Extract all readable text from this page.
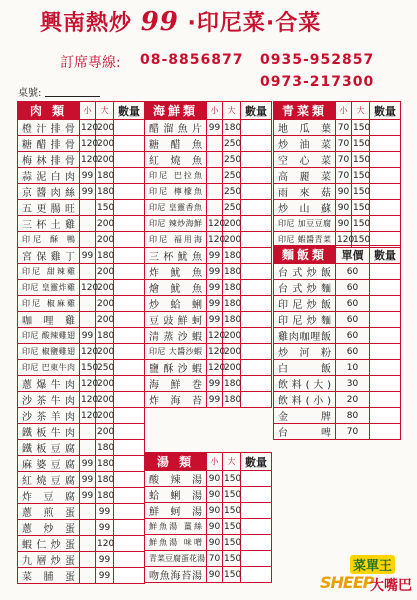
興南熱炒 99 ·印尼菜·合菜
訂席專線: 08-8856877 0935-952857
0973-217300
桌號:
肉 類	小	大	數量
橙汁排骨	120	200	
糖醋排骨	120	200	
梅林排骨	120	200	
蒜泥白肉	99	180	
京醬肉絲	99	180	
五更腸旺		150	
三杯土雞		200	
印尼 酥 鴨		200	
宮保雞丁	99	180	
印尼 甜辣雞		200	
印尼 皇靈炸雞	120	200	
印尼 椒麻雞		200	
咖哩雞		200	
印尼 酸辣雞翅	99	180	
印尼 椒鹽雞翅	120	200	
印尼 巴東牛肉	150	250	
蔥爆牛肉	120	200	
沙茶牛肉	120	200	
沙茶羊肉	120	200	
鐵板牛肉		200	
鐵板豆腐		180	
麻婆豆腐	99	180	
紅燒豆腐	99	180	
炸豆腐	99	180	
蔥煎蛋		99	
蔥炒蛋		99	
蝦仁炒蛋		120	
九層炒蛋		99	
菜脯蛋		99	
海鮮類	小	大	數量
醋溜魚片	99	180	
糖醋魚		250	
紅燒魚		250	
印尼 巴拉魚		250	
印尼 檸檬魚		250	
印尼 皇靈香魚		250	
印尼 辣炒海鮮	120	200	
印尼 福用海	120	200	
三杯魷魚	99	180	
炸魷魚	99	180	
燴魷魚	99	180	
炒蛤蜊	99	180	
豆豉鮮蚵	99	180	
清蒸沙蝦	120	200	
印尼 大醬沙蝦	120	200	
鹽酥沙蝦	120	200	
海鮮巻	99	180	
炸海苔	99	180	
湯 類	小	大	數量
酸辣湯	90	150	
蛤蜊湯	90	150	
鮮蚵湯	90	150	
鮮魚湯 薑絲	90	150	
鮮魚湯 味噌	90	150	
青菜豆腐蛋花湯	70	150	
吻魚海苔湯	90	150	
青菜類	小	大	數量
地瓜葉	70	150	
炒油菜	70	150	
空心菜	70	150	
高麗菜	70	150	
雨來菇	90	150	
炒山蘇	90	150	
印尼 加豆豆腐	90	150	
印尼 蝦醬青菜	120	150	
麵飯類	單價	數量
台式炒飯	60	
台式炒麵	60	
印尼炒飯	60	
印尼炒麵	60	
雞肉咖哩飯	60	
炒河粉	60	
白飯	10	
飲料(大)	30	
飲料(小)	20	
金牌	80	
台啤	70	
菜單王
SHEEP
大嘴巴
